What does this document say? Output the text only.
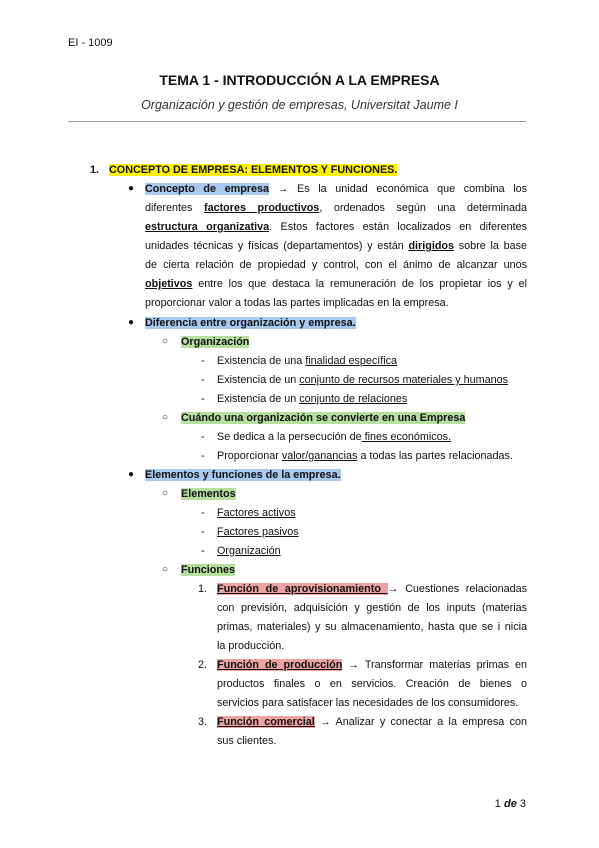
EI - 1009
TEMA 1 - INTRODUCCIÓN A LA EMPRESA
Organización y gestión de empresas, Universitat Jaume I
1. CONCEPTO DE EMPRESA: ELEMENTOS Y FUNCIONES.
● Concepto de empresa → Es la unidad económica que combina los
diferentes factores productivos, ordenados según una determinada
estructura organizativa. Estos factores están localizados en diferentes
unidades técnicas y físicas (departamentos) y están dirigidos sobre la base
de cierta relación de propiedad y control, con el ánimo de alcanzar unos
objetivos entre los que destaca la remuneración de los propietar ios y el
proporcionar valor a todas las partes implicadas en la empresa.
● Diferencia entre organización y empresa.
○ Organización
- Existencia de una finalidad específica
- Existencia de un conjunto de recursos materiales y humanos
- Existencia de un conjunto de relaciones
○ Cuándo una organización se convierte en una Empresa
- Se dedica a la persecución de fines económicos.
- Proporcionar valor/ganancias a todas las partes relacionadas.
● Elementos y funciones de la empresa.
○ Elementos
- Factores activos
- Factores pasivos
- Organización
○ Funciones
1. Función de aprovisionamiento → Cuestiones relacionadas
con previsión, adquisición y gestión de los inputs (materias
primas, materiales) y su almacenamiento, hasta que se i nicia
la producción.
2. Función de producción → Transformar materias primas en
productos finales o en servicios. Creación de bienes o
servicios para satisfacer las necesidades de los consumidores.
3. Función comercial → Analizar y conectar a la empresa con
sus clientes.
1 de 3
